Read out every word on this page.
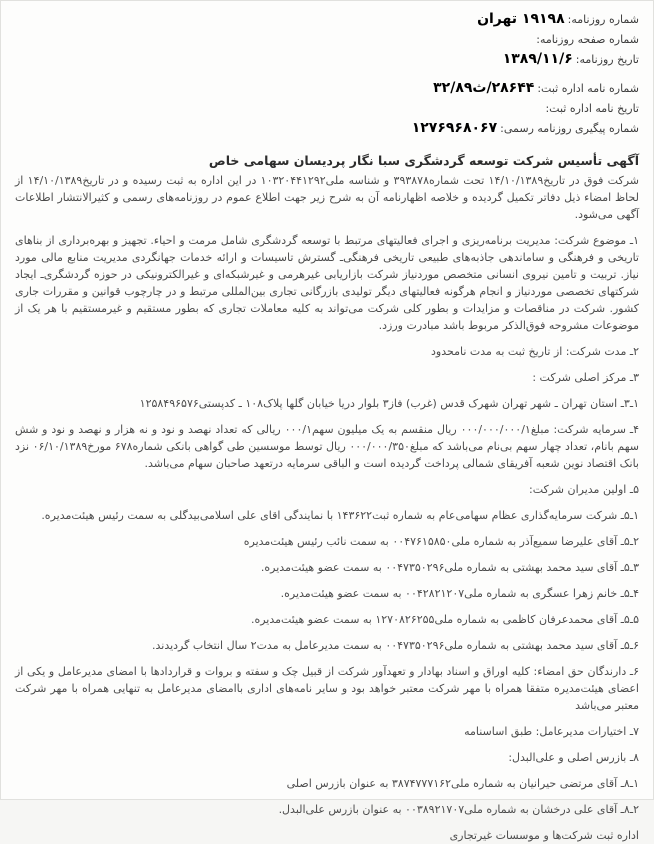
شماره روزنامه:۱۹۱۹۸ تهران
شماره صفحه روزنامه:
تاریخ روزنامه:۱۳۸۹/۱۱/۶
شماره نامه اداره ثبت:۲۸۶۴۴/ث۳۲/۸۹
تاریخ نامه اداره ثبت:
شماره پیگیری روزنامه رسمی:۱۲۷۶۹۶۸۰۶۷
آگهی تأسیس شرکت توسعه گردشگری سبا نگار پردیسان سهامی خاص

شرکت فوق در تاریخ۱۴/۱۰/۱۳۸۹ تحت شماره۳۹۳۸۷۸ و شناسه ملی۱۰۳۲۰۴۴۱۲۹۲ در این اداره به ثبت رسیده و در تاریخ۱۴/۱۰/۱۳۸۹ از لحاظ امضاء ذیل دفاتر تکمیل گردیده و خلاصه اظهارنامه آن به شرح زیر جهت اطلاع عموم در روزنامه‌های رسمی و کثیرالانتشار اطلاعات آگهی می‌شود.

۱ـ موضوع شرکت: مدیریت برنامه‌ریزی و اجرای فعالیتهای مرتبط با توسعه گردشگری شامل مرمت و احیاء. تجهیز و بهره‌برداری از بناهای تاریخی و فرهنگی و ساماندهی جاذبه‌های طبیعی تاریخی فرهنگی‌ـ گسترش تاسیسات و ارائه خدمات جهانگردی مدیریت منابع مالی مورد نیاز. تربیت و تامین نیروی انسانی متخصص موردنیاز شرکت بازاریابی غیرهرمی و غیرشبکه‌ای و غیرالکترونیکی در حوزه گردشگری‌ـ ایجاد شرکتهای تخصصی موردنیاز و انجام هرگونه فعالیتهای دیگر تولیدی بازرگانی تجاری بین‌المللی مرتبط و در چارچوب قوانین و مقررات جاری کشور. شرکت در مناقصات و مزایدات و بطور کلی شرکت می‌تواند به کلیه معاملات تجاری که بطور مستقیم و غیرمستقیم با هر یک از موضوعات مشروحه فوق‌الذکر مربوط باشد مبادرت ورزد.

۲ـ مدت شرکت: از تاریخ ثبت به مدت نامحدود

۳ـ مرکز اصلی شرکت :

۱ـ۳ـ استان تهران ـ شهر تهران شهرک قدس (غرب) فاز۳ بلوار دریا خیابان گلها پلاک۱۰۸ ـ کدپستی۱۲۵۸۴۹۶۵۷۶

۴ـ سرمایه شرکت: مبلغ۰۰۰/۰۰۰/۰۰۰/۱ ریال منقسم به یک میلیون سهم۰۰۰/۱ ریالی که تعداد نهصد و نود و نه هزار و نهصد و نود و شش سهم بانام، تعداد چهار سهم بی‌نام می‌باشد که مبلغ۰۰۰/۰۰۰/۳۵۰ ریال توسط موسسین طی گواهی بانکی شماره۶۷۸ مورخ۰۶/۱۰/۱۳۸۹ نزد بانک اقتصاد نوین شعبه آفریقای شمالی پرداخت گردیده است و الباقی سرمایه درتعهد صاحبان سهام می‌باشد.

۵ـ اولین مدیران شرکت:

۱ـ۵ـ شرکت سرمایه‌گذاری عظام سهامی‌عام به شماره ثبت۱۴۳۶۲۲ با نمایندگی اقای علی اسلامی‌بیدگلی به سمت رئیس هیئت‌مدیره.

۲ـ۵ـ آقای علیرضا سمیع‌آذر به شماره ملی۰۰۴۷۶۱۵۸۵۰ به سمت نائب رئیس هیئت‌مدیره

۳ـ۵ـ آقای سید محمد بهشتی به شماره ملی۰۰۴۷۳۵۰۲۹۶ به سمت عضو هیئت‌مدیره.

۴ـ۵ـ خانم زهرا عسگری به شماره ملی۰۰۴۲۸۲۱۲۰۷ به سمت عضو هیئت‌مدیره.

۵ـ۵ـ آقای محمدعرفان کاظمی به شماره ملی۱۲۷۰۸۲۶۲۵۵ به سمت عضو هیئت‌مدیره.

۶ـ۵ـ آقای سید محمد بهشتی به شماره ملی۰۰۴۷۳۵۰۲۹۶ به سمت مدیرعامل به مدت۲ سال انتخاب گردیدند.

۶ـ دارندگان حق امضاء: کلیه اوراق و اسناد بهادار و تعهدآور شرکت از قبیل چک و سفته و بروات و قراردادها با امضای مدیرعامل و یکی از اعضای هیئت‌مدیره متفقا همراه با مهر شرکت معتبر خواهد بود و سایر نامه‌های اداری باامضای مدیرعامل به تنهایی همراه با مهر شرکت معتبر می‌باشد

۷ـ اختیارات مدیرعامل: طبق اساسنامه

۸ـ بازرس اصلی و علی‌البدل:

۱ـ۸ـ آقای مرتضی حیرانیان به شماره ملی۳۸۷۴۷۷۷۱۶۲ به عنوان بازرس اصلی

۲ـ۸ـ آقای علی درخشان به شماره ملی۰۰۳۸۹۲۱۷۰۷ به عنوان بازرس علی‌البدل.

اداره ثبت شرکت‌ها و موسسات غیرتجاری
